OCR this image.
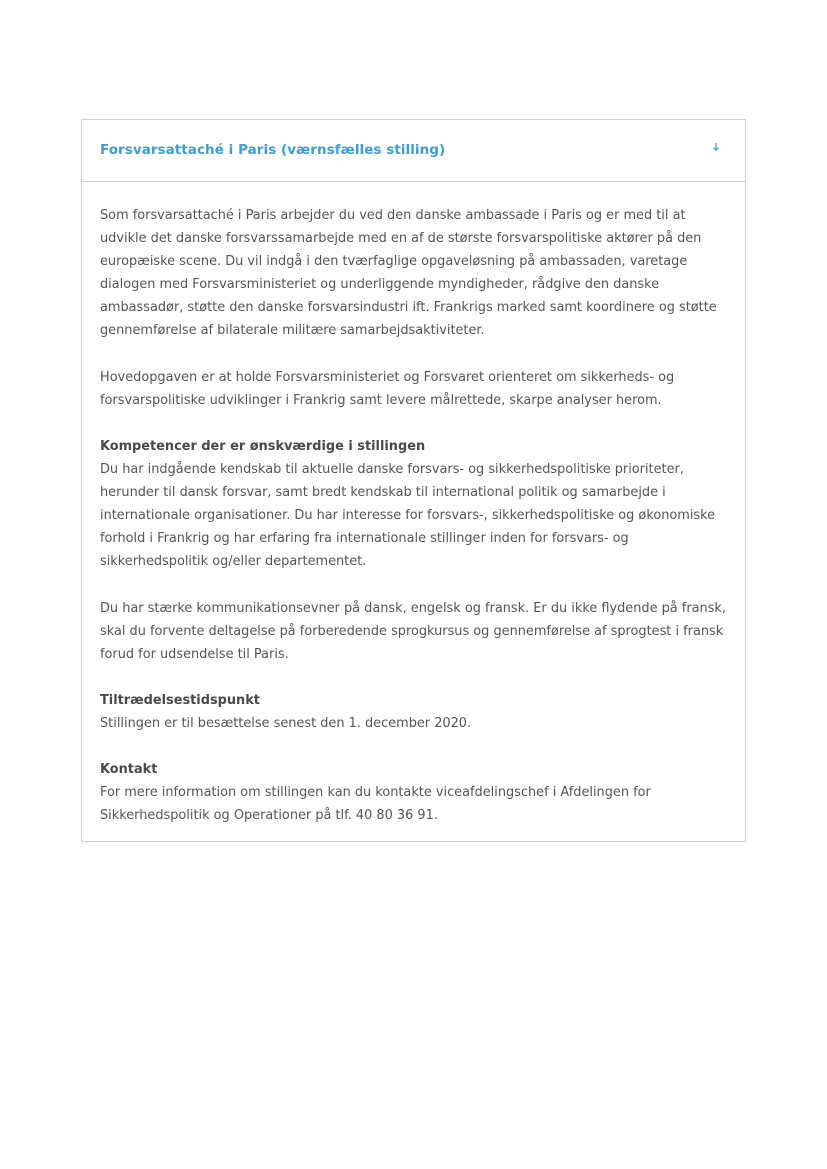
Forsvarsattaché i Paris (værnsfælles stilling)

Som forsvarsattaché i Paris arbejder du ved den danske ambassade i Paris og er med til at udvikle det danske forsvarssamarbejde med en af de største forsvarspolitiske aktører på den europæiske scene. Du vil indgå i den tværfaglige opgaveløsning på ambassaden, varetage dialogen med Forsvarsministeriet og underliggende myndigheder, rådgive den danske ambassadør, støtte den danske forsvarsindustri ift. Frankrigs marked samt koordinere og støtte gennemførelse af bilaterale militære samarbejdsaktiviteter.

Hovedopgaven er at holde Forsvarsministeriet og Forsvaret orienteret om sikkerheds- og forsvarspolitiske udviklinger i Frankrig samt levere målrettede, skarpe analyser herom.

Kompetencer der er ønskværdige i stillingen

Du har indgående kendskab til aktuelle danske forsvars- og sikkerhedspolitiske prioriteter, herunder til dansk forsvar, samt bredt kendskab til international politik og samarbejde i internationale organisationer. Du har interesse for forsvars-, sikkerhedspolitiske og økonomiske forhold i Frankrig og har erfaring fra internationale stillinger inden for forsvars- og sikkerhedspolitik og/eller departementet.

Du har stærke kommunikationsevner på dansk, engelsk og fransk. Er du ikke flydende på fransk, skal du forvente deltagelse på forberedende sprogkursus og gennemførelse af sprogtest i fransk forud for udsendelse til Paris.

Tiltrædelsestidspunkt

Stillingen er til besættelse senest den 1. december 2020.

Kontakt

For mere information om stillingen kan du kontakte viceafdelingschef i Afdelingen for Sikkerhedspolitik og Operationer på tlf. 40 80 36 91.
